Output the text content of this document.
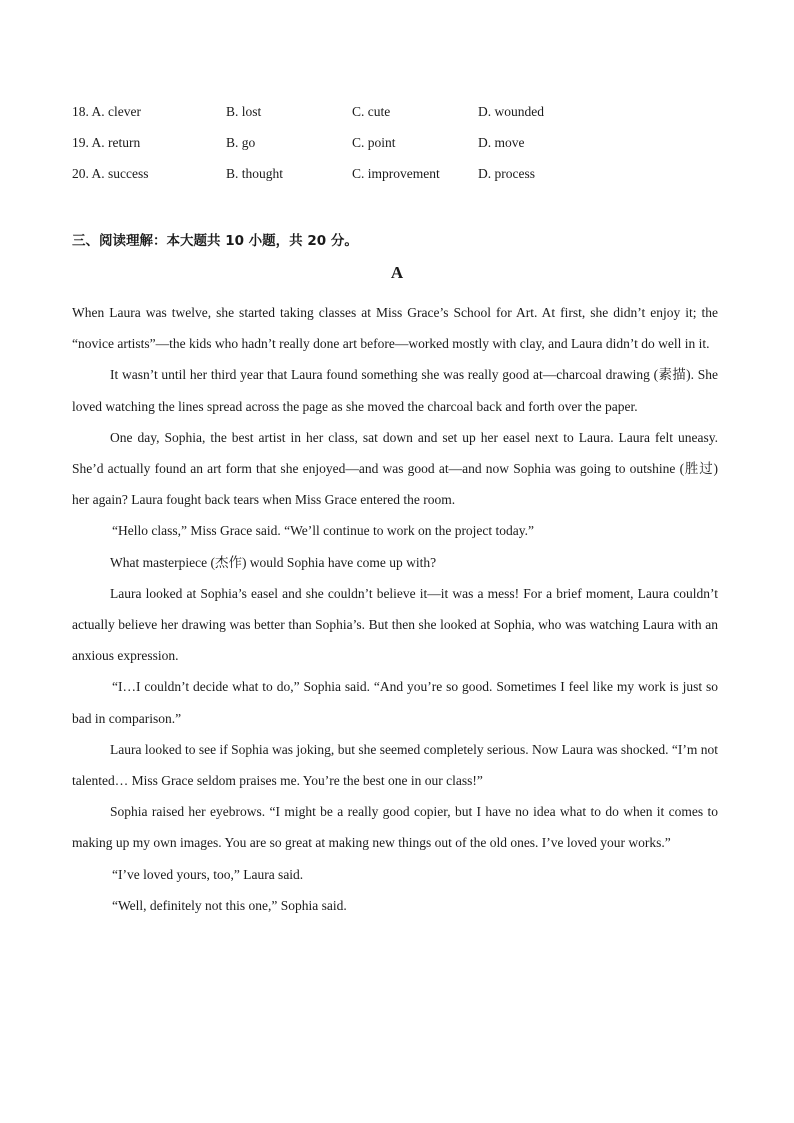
18. A. clever	B. lost	C. cute	D. wounded
19. A. return	B. go	C. point	D. move
20. A. success	B. thought	C. improvement	D. process
三、阅读理解：本大题共 10 小题，共 20 分。
A

When Laura was twelve, she started taking classes at Miss Grace’s School for Art. At first, she didn’t enjoy it; the “novice artists”—the kids who hadn’t really done art before—worked mostly with clay, and Laura didn’t do well in it.

It wasn’t until her third year that Laura found something she was really good at—charcoal drawing (素描). She loved watching the lines spread across the page as she moved the charcoal back and forth over the paper.

One day, Sophia, the best artist in her class, sat down and set up her easel next to Laura. Laura felt uneasy. She’d actually found an art form that she enjoyed—and was good at—and now Sophia was going to outshine (胜过) her again? Laura fought back tears when Miss Grace entered the room.

“Hello class,” Miss Grace said. “We’ll continue to work on the project today.”

What masterpiece (杰作) would Sophia have come up with?

Laura looked at Sophia’s easel and she couldn’t believe it—it was a mess! For a brief moment, Laura couldn’t actually believe her drawing was better than Sophia’s. But then she looked at Sophia, who was watching Laura with an anxious expression.

“I…I couldn’t decide what to do,” Sophia said. “And you’re so good. Sometimes I feel like my work is just so bad in comparison.”

Laura looked to see if Sophia was joking, but she seemed completely serious. Now Laura was shocked. “I’m not talented… Miss Grace seldom praises me. You’re the best one in our class!”

Sophia raised her eyebrows. “I might be a really good copier, but I have no idea what to do when it comes to making up my own images. You are so great at making new things out of the old ones. I’ve loved your works.”

“I’ve loved yours, too,” Laura said.

“Well, definitely not this one,” Sophia said.
